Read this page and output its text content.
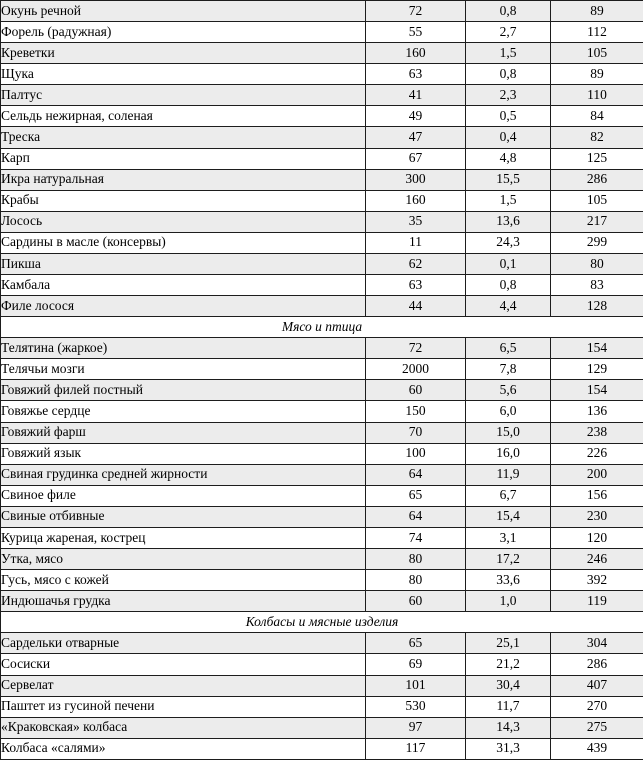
Окунь речной	72	0,8	89
Форель (радужная)	55	2,7	112
Креветки	160	1,5	105
Щука	63	0,8	89
Палтус	41	2,3	110
Сельдь нежирная, соленая	49	0,5	84
Треска	47	0,4	82
Карп	67	4,8	125
Икра натуральная	300	15,5	286
Крабы	160	1,5	105
Лосось	35	13,6	217
Сардины в масле (консервы)	11	24,3	299
Пикша	62	0,1	80
Камбала	63	0,8	83
Филе лосося	44	4,4	128
Мясо и птица			
Телятина (жаркое)	72	6,5	154
Телячьи мозги	2000	7,8	129
Говяжий филей постный	60	5,6	154
Говяжье сердце	150	6,0	136
Говяжий фарш	70	15,0	238
Говяжий язык	100	16,0	226
Свиная грудинка средней жирности	64	11,9	200
Свиное филе	65	6,7	156
Свиные отбивные	64	15,4	230
Курица жареная, кострец	74	3,1	120
Утка, мясо	80	17,2	246
Гусь, мясо с кожей	80	33,6	392
Индюшачья грудка	60	1,0	119
Колбасы и мясные изделия			
Сардельки отварные	65	25,1	304
Сосиски	69	21,2	286
Сервелат	101	30,4	407
Паштет из гусиной печени	530	11,7	270
«Краковская» колбаса	97	14,3	275
Колбаса «салями»	117	31,3	439
